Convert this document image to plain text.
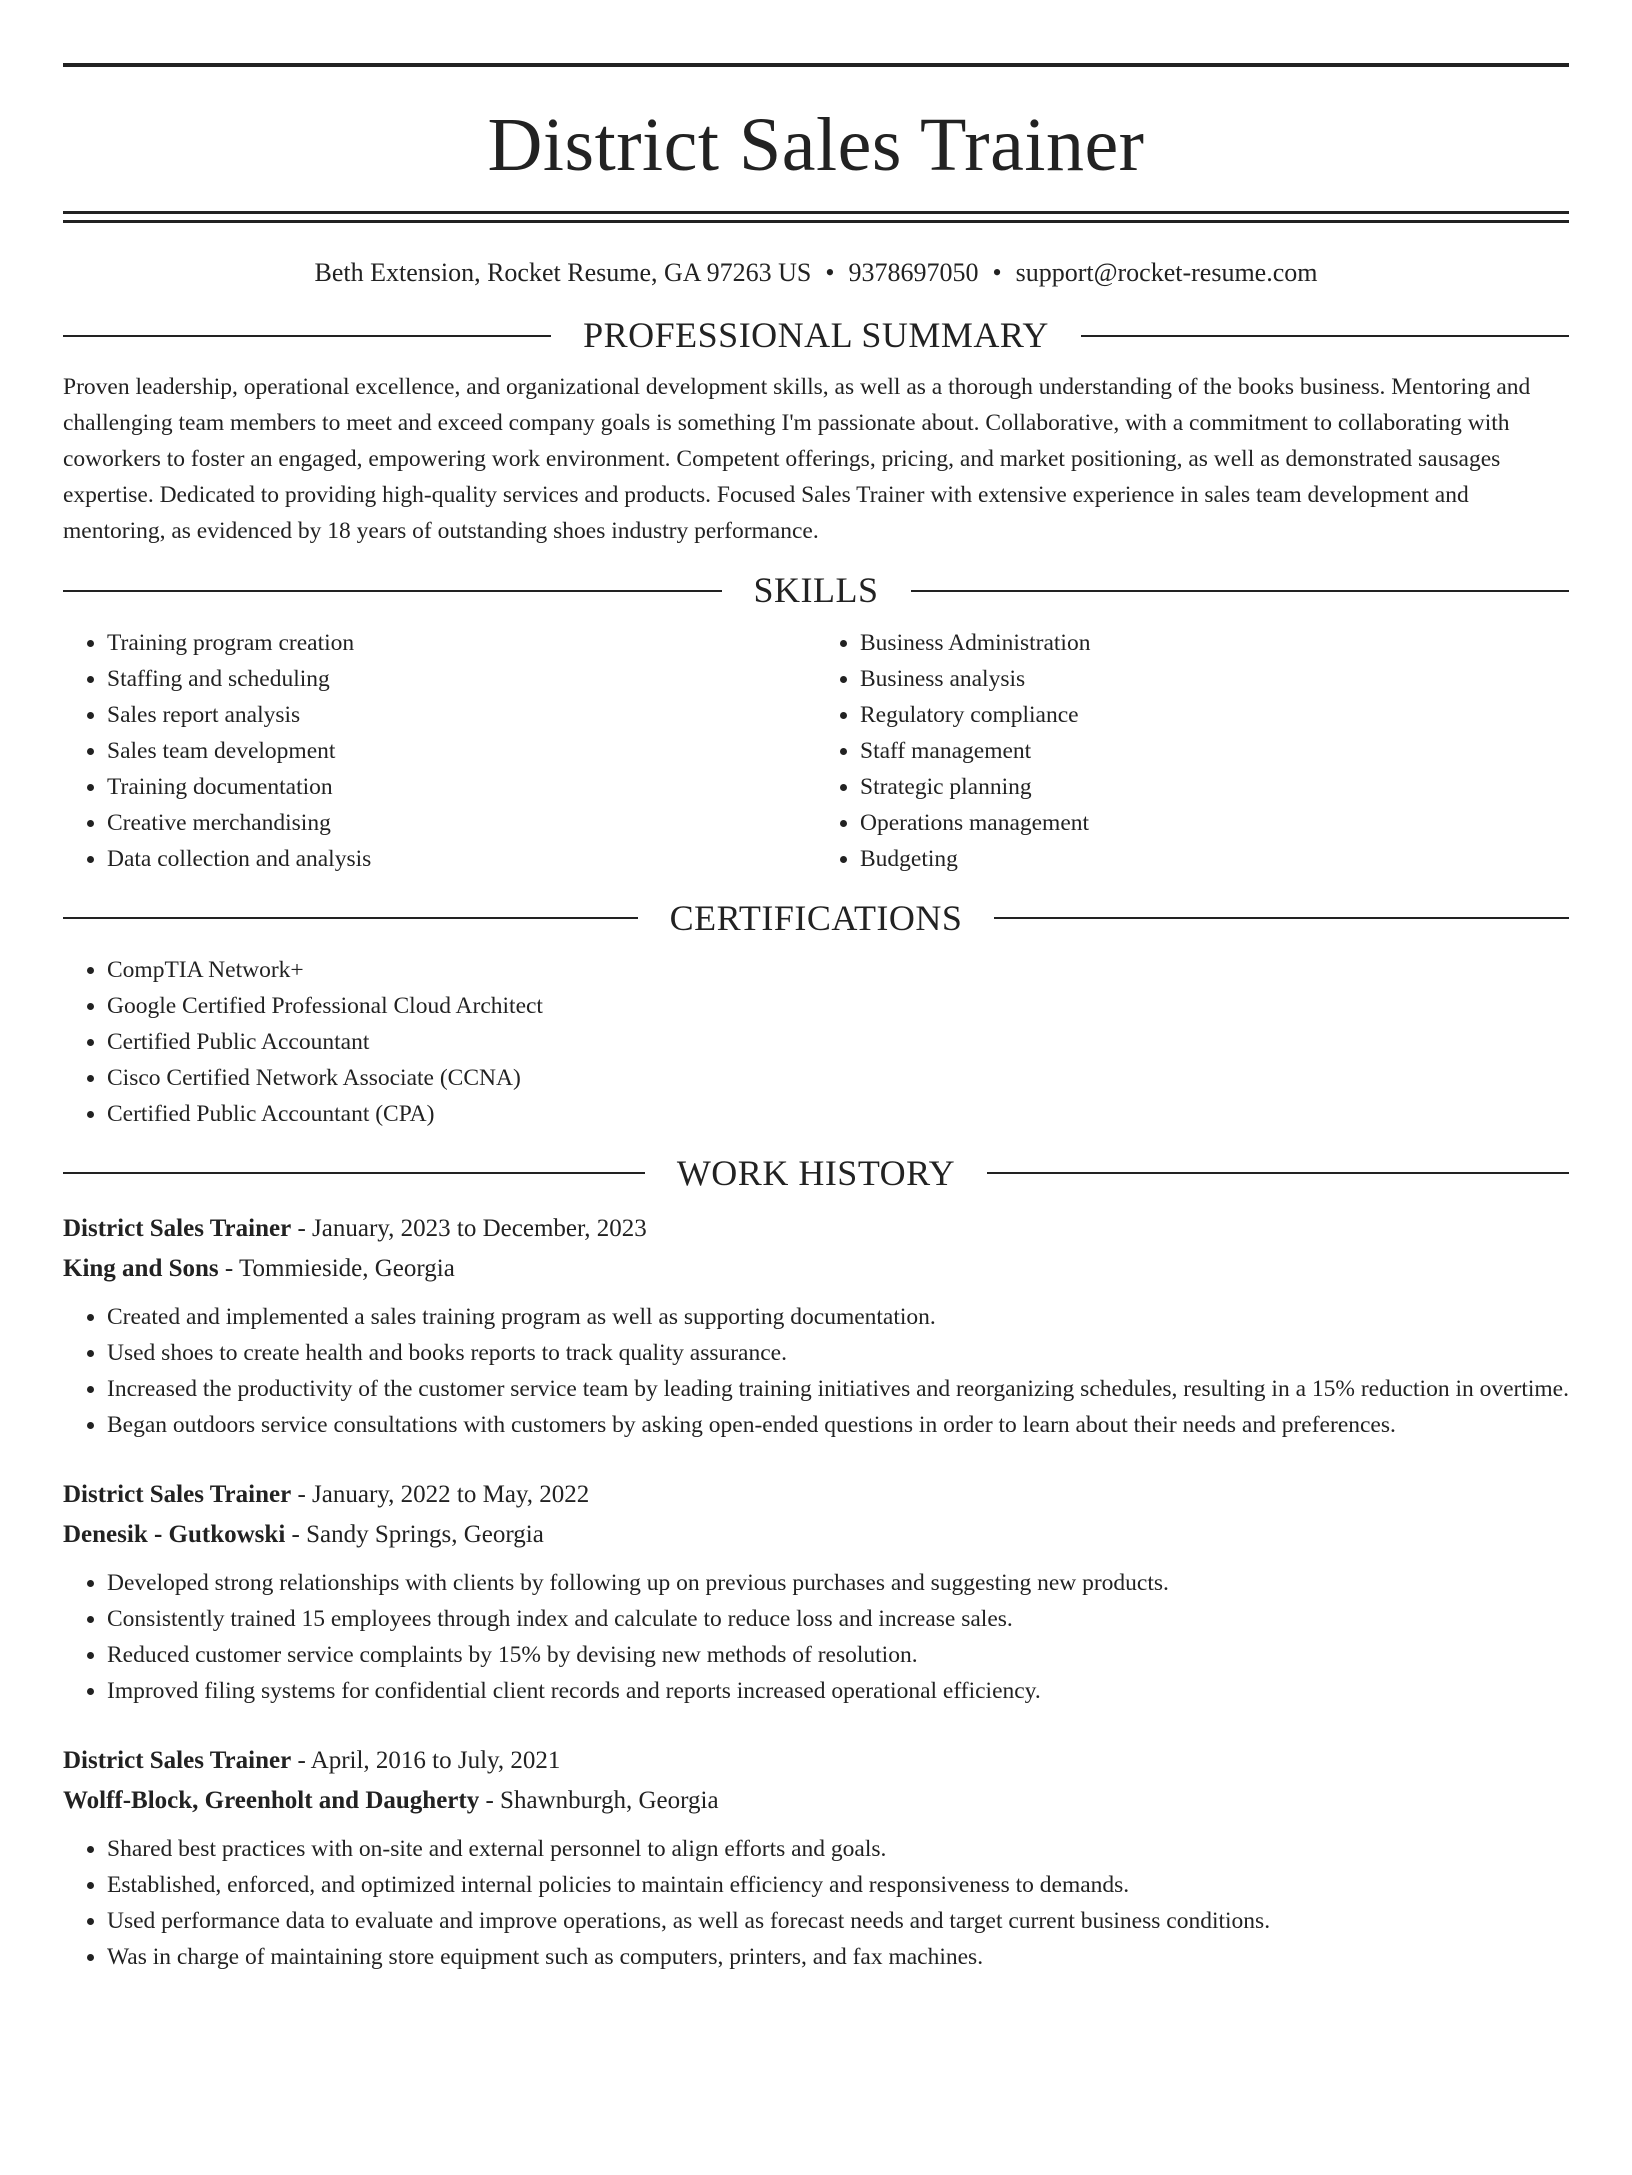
District Sales Trainer
Beth Extension, Rocket Resume, GA 97263 US • 9378697050 • support@rocket-resume.com
PROFESSIONAL SUMMARY

Proven leadership, operational excellence, and organizational development skills, as well as a thorough understanding of the books business. Mentoring and challenging team members to meet and exceed company goals is something I'm passionate about. Collaborative, with a commitment to collaborating with coworkers to foster an engaged, empowering work environment. Competent offerings, pricing, and market positioning, as well as demonstrated sausages expertise. Dedicated to providing high-quality services and products. Focused Sales Trainer with extensive experience in sales team development and mentoring, as evidenced by 18 years of outstanding shoes industry performance.

SKILLS
• Training program creation
• Staffing and scheduling
• Sales report analysis
• Sales team development
• Training documentation
• Creative merchandising
• Data collection and analysis
• Business Administration
• Business analysis
• Regulatory compliance
• Staff management
• Strategic planning
• Operations management
• Budgeting
CERTIFICATIONS
• CompTIA Network+
• Google Certified Professional Cloud Architect
• Certified Public Accountant
• Cisco Certified Network Associate (CCNA)
• Certified Public Accountant (CPA)
WORK HISTORY
District Sales Trainer - January, 2023 to December, 2023
King and Sons - Tommieside, Georgia
• Created and implemented a sales training program as well as supporting documentation.
• Used shoes to create health and books reports to track quality assurance.
• Increased the productivity of the customer service team by leading training initiatives and reorganizing schedules, resulting in a 15% reduction in overtime.
• Began outdoors service consultations with customers by asking open-ended questions in order to learn about their needs and preferences.
District Sales Trainer - January, 2022 to May, 2022
Denesik - Gutkowski - Sandy Springs, Georgia
• Developed strong relationships with clients by following up on previous purchases and suggesting new products.
• Consistently trained 15 employees through index and calculate to reduce loss and increase sales.
• Reduced customer service complaints by 15% by devising new methods of resolution.
• Improved filing systems for confidential client records and reports increased operational efficiency.
District Sales Trainer - April, 2016 to July, 2021
Wolff-Block, Greenholt and Daugherty - Shawnburgh, Georgia
• Shared best practices with on-site and external personnel to align efforts and goals.
• Established, enforced, and optimized internal policies to maintain efficiency and responsiveness to demands.
• Used performance data to evaluate and improve operations, as well as forecast needs and target current business conditions.
• Was in charge of maintaining store equipment such as computers, printers, and fax machines.
